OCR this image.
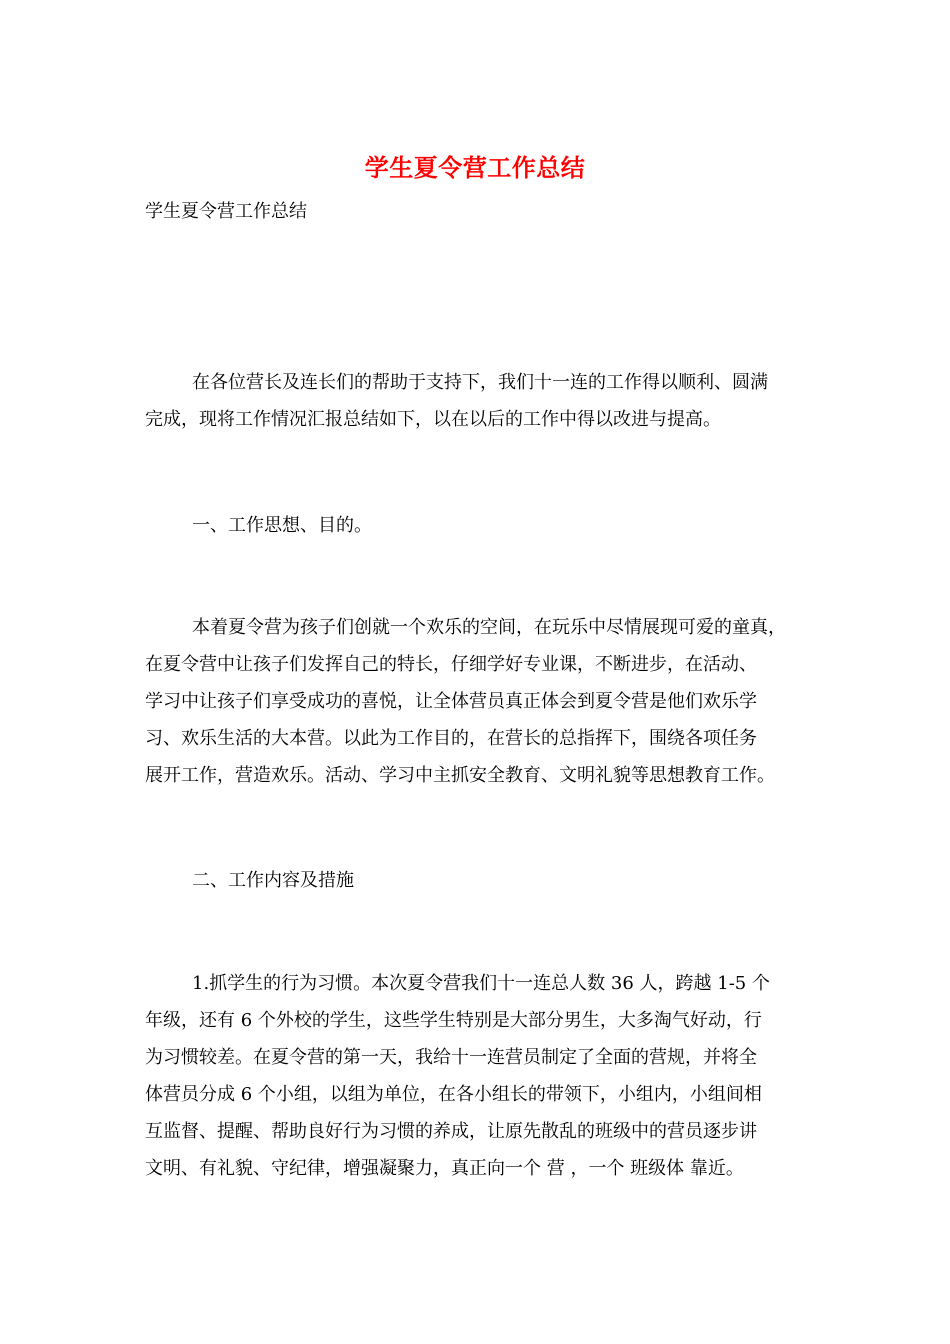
学生夏令营工作总结
学生夏令营工作总结
在各位营长及连长们的帮助于支持下，我们十一连的工作得以顺利、圆满
完成，现将工作情况汇报总结如下，以在以后的工作中得以改进与提高。
一、工作思想、目的。
本着夏令营为孩子们创就一个欢乐的空间，在玩乐中尽情展现可爱的童真，
在夏令营中让孩子们发挥自己的特长，仔细学好专业课，不断进步，在活动、
学习中让孩子们享受成功的喜悦，让全体营员真正体会到夏令营是他们欢乐学
习、欢乐生活的大本营。以此为工作目的，在营长的总指挥下，围绕各项任务
展开工作，营造欢乐。活动、学习中主抓安全教育、文明礼貌等思想教育工作。
二、工作内容及措施
1.抓学生的行为习惯。本次夏令营我们十一连总人数 36 人，跨越 1-5 个
年级，还有 6 个外校的学生，这些学生特别是大部分男生，大多淘气好动，行
为习惯较差。在夏令营的第一天，我给十一连营员制定了全面的营规，并将全
体营员分成 6 个小组，以组为单位，在各小组长的带领下，小组内，小组间相
互监督、提醒、帮助良好行为习惯的养成，让原先散乱的班级中的营员逐步讲
文明、有礼貌、守纪律，增强凝聚力，真正向一个 营 ，一个 班级体 靠近。
